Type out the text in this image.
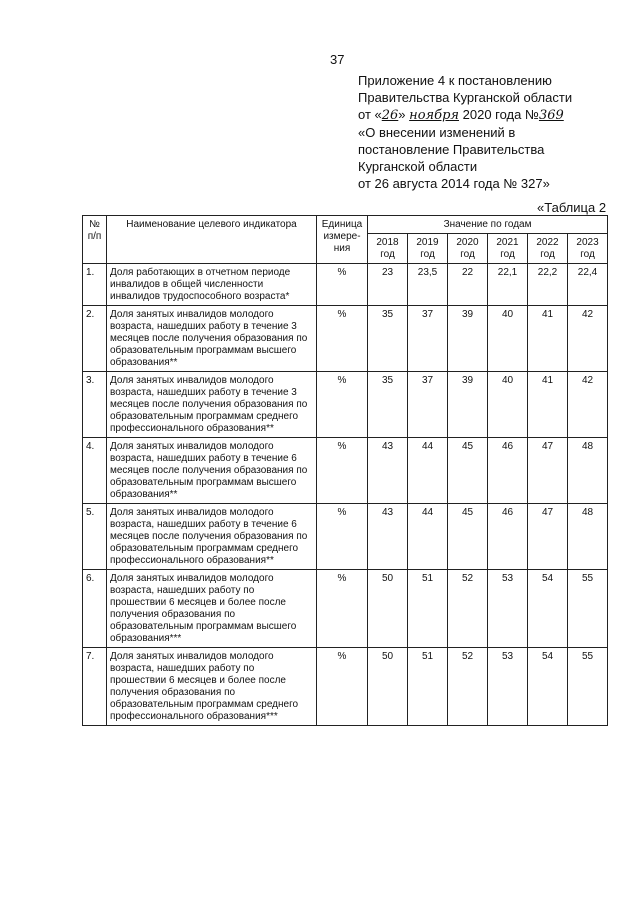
37
Приложение 4 к постановлению
Правительства Курганской области
от «26» ноября 2020 года №369
«О внесении изменений в
постановление Правительства
Курганской области
от 26 августа 2014 года № 327»
«Таблица 2
№ п/п	Наименование целевого индикатора	Единица измере-ния	Значение по годам					
			2018 год	2019 год	2020 год	2021 год	2022 год	2023 год
1.	Доля работающих в отчетном периоде инвалидов в общей численности инвалидов трудоспособного возраста*	%	23	23,5	22	22,1	22,2	22,4
2.	Доля занятых инвалидов молодого возраста, нашедших работу в течение 3 месяцев после получения образования по образовательным программам высшего образования**	%	35	37	39	40	41	42
3.	Доля занятых инвалидов молодого возраста, нашедших работу в течение 3 месяцев после получения образования по образовательным программам среднего профессионального образования**	%	35	37	39	40	41	42
4.	Доля занятых инвалидов молодого возраста, нашедших работу в течение 6 месяцев после получения образования по образовательным программам высшего образования**	%	43	44	45	46	47	48
5.	Доля занятых инвалидов молодого возраста, нашедших работу в течение 6 месяцев после получения образования по образовательным программам среднего профессионального образования**	%	43	44	45	46	47	48
6.	Доля занятых инвалидов молодого возраста, нашедших работу по прошествии 6 месяцев и более после получения образования по образовательным программам высшего образования***	%	50	51	52	53	54	55
7.	Доля занятых инвалидов молодого возраста, нашедших работу по прошествии 6 месяцев и более после получения образования по образовательным программам среднего профессионального образования***	%	50	51	52	53	54	55
